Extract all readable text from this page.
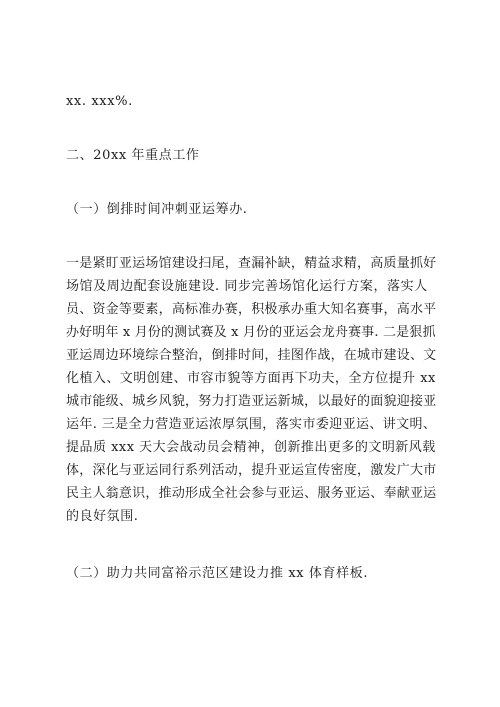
xx. xxx%.
二、20xx 年重点工作
（一）倒排时间冲刺亚运筹办.
一是紧盯亚运场馆建设扫尾，查漏补缺，精益求精，高质量抓好
场馆及周边配套设施建设. 同步完善场馆化运行方案，落实人
员、资金等要素，高标准办赛，积极承办重大知名赛事，高水平
办好明年 x 月份的测试赛及 x 月份的亚运会龙舟赛事. 二是狠抓
亚运周边环境综合整治，倒排时间，挂图作战，在城市建设、文
化植入、文明创建、市容市貌等方面再下功夫，全方位提升 xx
城市能级、城乡风貌，努力打造亚运新城，以最好的面貌迎接亚
运年. 三是全力营造亚运浓厚氛围，落实市委迎亚运、讲文明、
提品质 xxx 天大会战动员会精神，创新推出更多的文明新风载
体，深化与亚运同行系列活动，提升亚运宣传密度，激发广大市
民主人翁意识，推动形成全社会参与亚运、服务亚运、奉献亚运
的良好氛围.
（二）助力共同富裕示范区建设力推 xx 体育样板.
